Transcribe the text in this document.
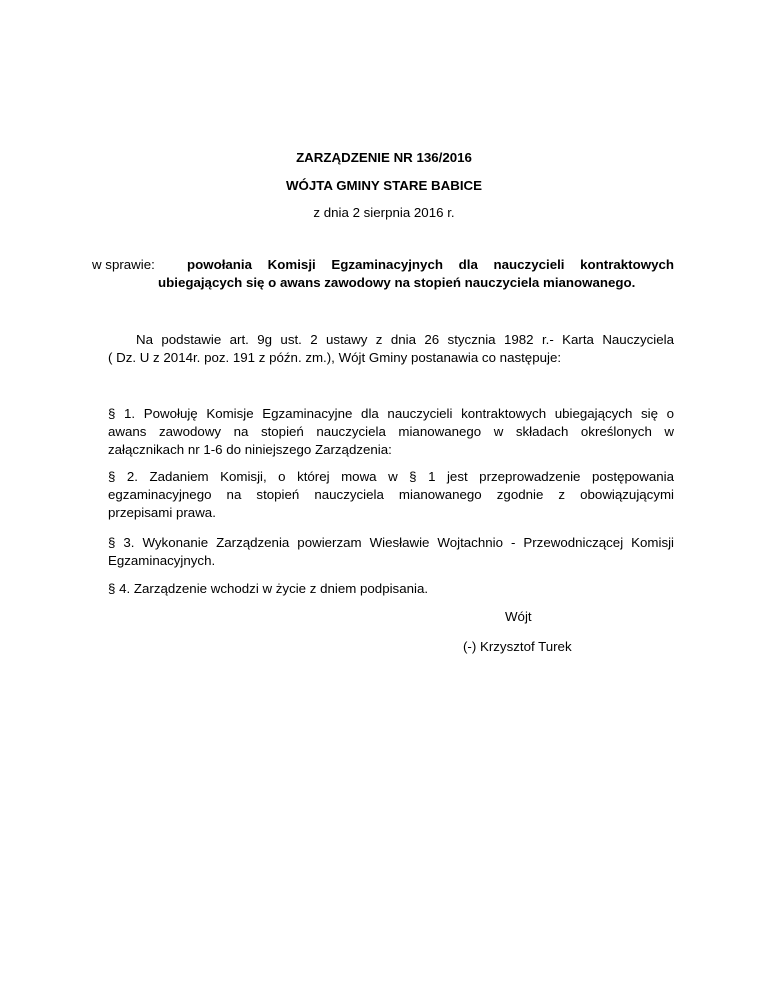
ZARZĄDZENIE NR 136/2016
WÓJTA GMINY STARE BABICE
z dnia 2 sierpnia 2016 r.
w sprawie: powołania Komisji Egzaminacyjnych dla nauczycieli kontraktowych
ubiegających się o awans zawodowy na stopień nauczyciela mianowanego.
Na podstawie art. 9g ust. 2 ustawy z dnia 26 stycznia 1982 r.- Karta Nauczyciela
( Dz. U z 2014r. poz. 191 z późn. zm.), Wójt Gminy postanawia co następuje:
§ 1. Powołuję Komisje Egzaminacyjne dla nauczycieli kontraktowych ubiegających się o
awans zawodowy na stopień nauczyciela mianowanego w składach określonych w
załącznikach nr 1-6 do niniejszego Zarządzenia:
§ 2. Zadaniem Komisji, o której mowa w § 1 jest przeprowadzenie postępowania
egzaminacyjnego na stopień nauczyciela mianowanego zgodnie z obowiązującymi
przepisami prawa.
§ 3. Wykonanie Zarządzenia powierzam Wiesławie Wojtachnio - Przewodniczącej Komisji
Egzaminacyjnych.
§ 4. Zarządzenie wchodzi w życie z dniem podpisania.
Wójt
(-) Krzysztof Turek
